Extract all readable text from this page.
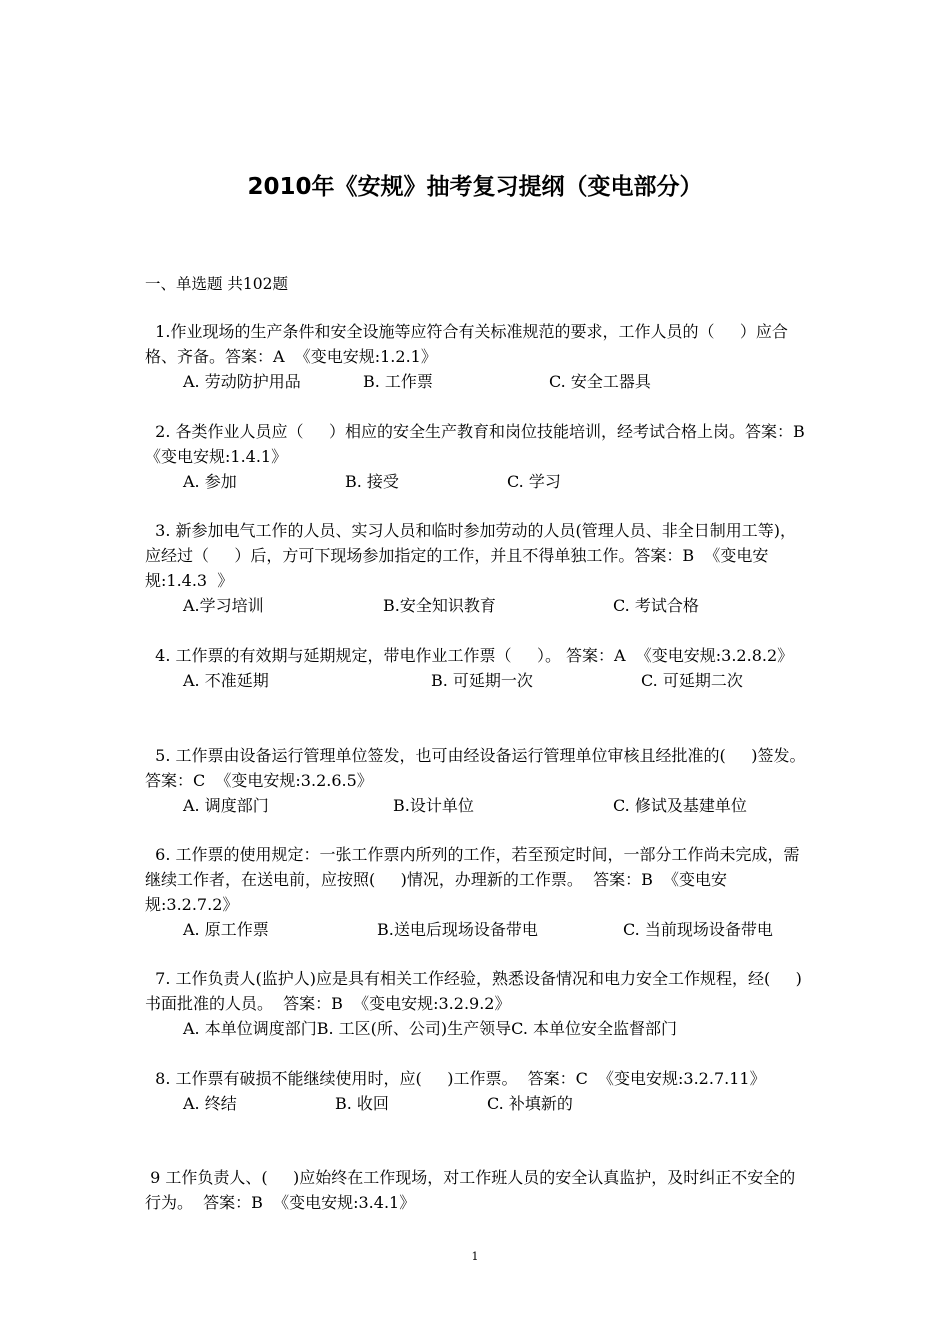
2010年《安规》抽考复习提纲（变电部分）
一、单选题 共102题

1.作业现场的生产条件和安全设施等应符合有关标准规范的要求，工作人员的（     ）应合格、齐备。答案：A  《变电安规:1.2.1》

A. 劳动防护用品	B. 工作票	C. 安全工器具

2. 各类作业人员应（     ）相应的安全生产教育和岗位技能培训，经考试合格上岗。答案：B  《变电安规:1.4.1》

A. 参加	B. 接受	C. 学习

3. 新参加电气工作的人员、实习人员和临时参加劳动的人员(管理人员、非全日制用工等)，应经过（     ）后，方可下现场参加指定的工作，并且不得单独工作。答案：B  《变电安规:1.4.3  》

A.学习培训	B.安全知识教育	C. 考试合格

4. 工作票的有效期与延期规定，带电作业工作票（     ）。 答案：A  《变电安规:3.2.8.2》

A. 不准延期	B. 可延期一次	C. 可延期二次

5. 工作票由设备运行管理单位签发，也可由经设备运行管理单位审核且经批准的(     )签发。  答案：C  《变电安规:3.2.6.5》

A. 调度部门	B.设计单位	C. 修试及基建单位

6. 工作票的使用规定：一张工作票内所列的工作，若至预定时间，一部分工作尚未完成，需继续工作者，在送电前，应按照(     )情况，办理新的工作票。  答案：B  《变电安规:3.2.7.2》

A. 原工作票	B.送电后现场设备带电	C. 当前现场设备带电

7. 工作负责人(监护人)应是具有相关工作经验，熟悉设备情况和电力安全工作规程，经(     )书面批准的人员。  答案：B  《变电安规:3.2.9.2》

A. 本单位调度部门B. 工区(所、公司)生产领导C. 本单位安全监督部门

8. 工作票有破损不能继续使用时，应(     )工作票。  答案：C  《变电安规:3.2.7.11》

A. 终结	B. 收回	C. 补填新的

9 工作负责人、(     )应始终在工作现场，对工作班人员的安全认真监护，及时纠正不安全的行为。  答案：B  《变电安规:3.4.1》

1
